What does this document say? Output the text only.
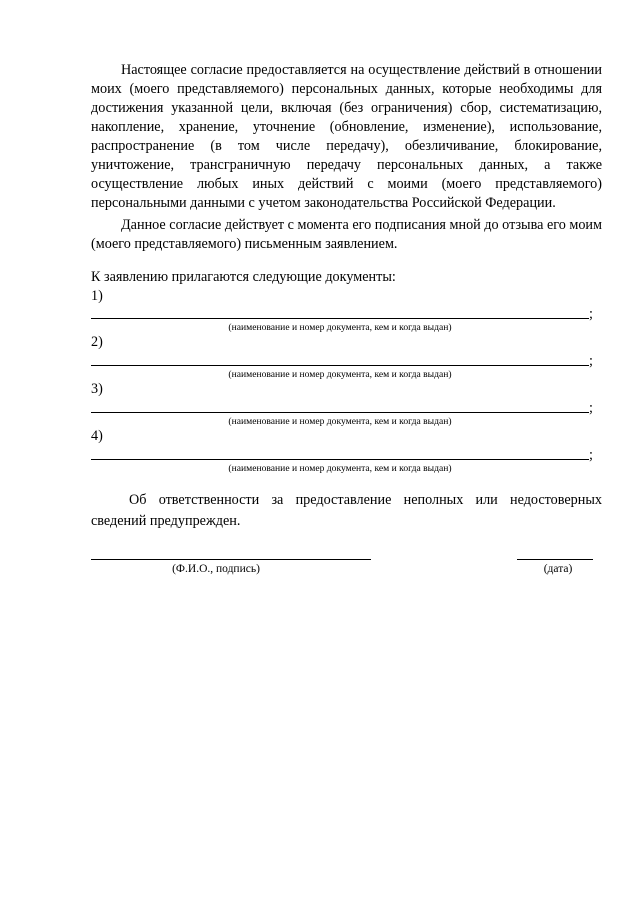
Настоящее согласие предоставляется на осуществление действий в отношении моих (моего представляемого) персональных данных, которые необходимы для достижения указанной цели, включая (без ограничения) сбор, систематизацию, накопление, хранение, уточнение (обновление, изменение), использование, распространение (в том числе передачу), обезличивание, блокирование, уничтожение, трансграничную передачу персональных данных, а также осуществление любых иных действий с моими (моего представляемого) персональными данными с учетом законодательства Российской Федерации.

Данное согласие действует с момента его подписания мной до отзыва его моим (моего представляемого) письменным заявлением.

К заявлению прилагаются следующие документы:

1)
;
(наименование и номер документа, кем и когда выдан)
2)
;
(наименование и номер документа, кем и когда выдан)
3)
;
(наименование и номер документа, кем и когда выдан)
4)
;
(наименование и номер документа, кем и когда выдан)

Об ответственности за предоставление неполных или недостоверных сведений предупрежден.

(Ф.И.О., подпись)	(дата)
